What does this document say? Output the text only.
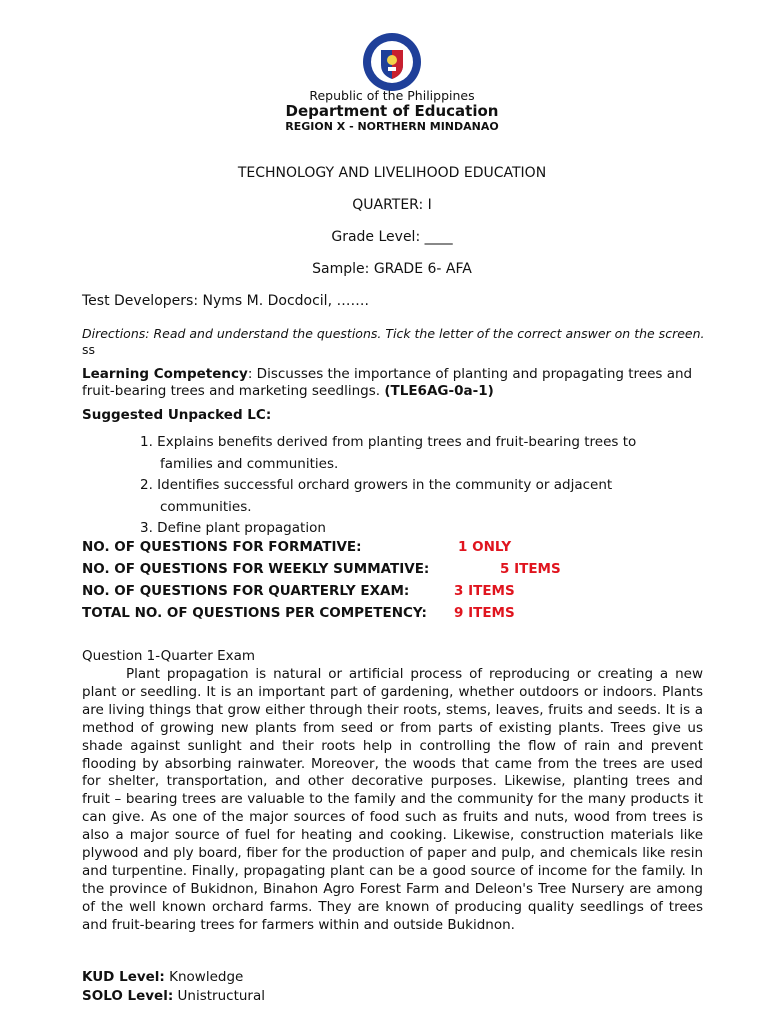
Republic of the Philippines
Department of Education
REGION X - NORTHERN MINDANAO
TECHNOLOGY AND LIVELIHOOD EDUCATION
QUARTER: I
Grade Level: ____
Sample: GRADE 6- AFA
Test Developers: Nyms M. Docdocil, …….
Directions: Read and understand the questions. Tick the letter of the correct answer on the screen.
ss
Learning Competency: Discusses the importance of planting and propagating trees and fruit-bearing trees and marketing seedlings. (TLE6AG-0a-1)
Suggested Unpacked LC:
1. Explains benefits derived from planting trees and fruit-bearing trees to
families and communities.
2. Identifies successful orchard growers in the community or adjacent
communities.
3. Define plant propagation
NO. OF QUESTIONS FOR FORMATIVE:	1 ONLY
NO. OF QUESTIONS FOR WEEKLY SUMMATIVE:	5 ITEMS
NO. OF QUESTIONS FOR QUARTERLY EXAM:	3 ITEMS
TOTAL NO. OF QUESTIONS PER COMPETENCY: 9 ITEMS
Question 1-Quarter Exam

Plant propagation is natural or artificial process of reproducing or creating a new plant or seedling. It is an important part of gardening, whether outdoors or indoors. Plants are living things that grow either through their roots, stems, leaves, fruits and seeds. It is a method of growing new plants from seed or from parts of existing plants. Trees give us shade against sunlight and their roots help in controlling the flow of rain and prevent flooding by absorbing rainwater. Moreover, the woods that came from the trees are used for shelter, transportation, and other decorative purposes. Likewise, planting trees and fruit – bearing trees are valuable to the family and the community for the many products it can give. As one of the major sources of food such as fruits and nuts, wood from trees is also a major source of fuel for heating and cooking. Likewise, construction materials like plywood and ply board, fiber for the production of paper and pulp, and chemicals like resin and turpentine. Finally, propagating plant can be a good source of income for the family. In the province of Bukidnon, Binahon Agro Forest Farm and Deleon's Tree Nursery are among of the well known orchard farms. They are known of producing quality seedlings of trees and fruit-bearing trees for farmers within and outside Bukidnon.

KUD Level: Knowledge
SOLO Level: Unistructural
